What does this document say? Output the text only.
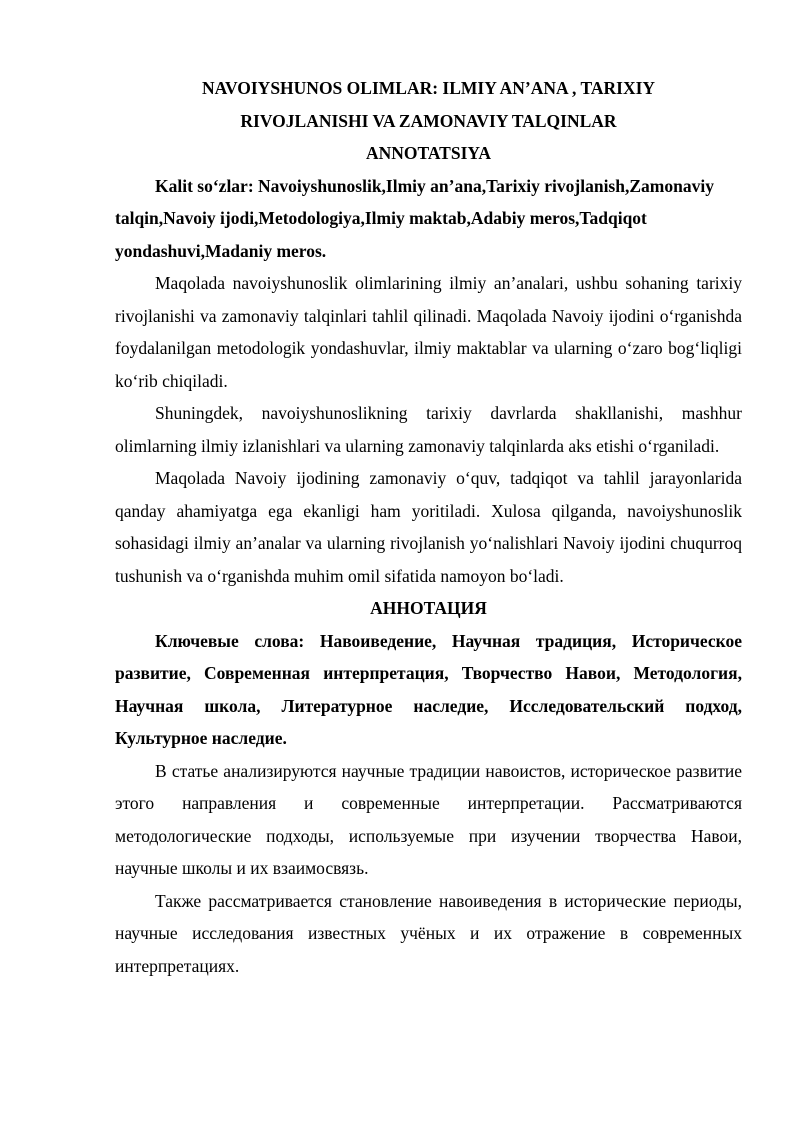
NAVOIYSHUNOS OLIMLAR: ILMIY AN’ANA , TARIXIY
RIVOJLANISHI VA ZAMONAVIY TALQINLAR
ANNOTATSIYA

Kalit so‘zlar: Navoiyshunoslik,Ilmiy an’ana,Tarixiy rivojlanish,Zamonaviy talqin,Navoiy ijodi,Metodologiya,Ilmiy maktab,Adabiy meros,Tadqiqot yondashuvi,Madaniy meros.

Maqolada navoiyshunoslik olimlarining ilmiy an’analari, ushbu sohaning tarixiy rivojlanishi va zamonaviy talqinlari tahlil qilinadi. Maqolada Navoiy ijodini o‘rganishda foydalanilgan metodologik yondashuvlar, ilmiy maktablar va ularning o‘zaro bog‘liqligi ko‘rib chiqiladi.

Shuningdek, navoiyshunoslikning tarixiy davrlarda shakllanishi, mashhur olimlarning ilmiy izlanishlari va ularning zamonaviy talqinlarda aks etishi o‘rganiladi.

Maqolada Navoiy ijodining zamonaviy o‘quv, tadqiqot va tahlil jarayonlarida qanday ahamiyatga ega ekanligi ham yoritiladi. Xulosa qilganda, navoiyshunoslik sohasidagi ilmiy an’analar va ularning rivojlanish yo‘nalishlari Navoiy ijodini chuqurroq tushunish va o‘rganishda muhim omil sifatida namoyon bo‘ladi.

АННОТАЦИЯ

Ключевые слова: Навоиведение, Научная традиция, Историческое развитие, Современная интерпретация, Творчество Навои, Методология, Научная школа, Литературное наследие, Исследовательский подход, Культурное наследие.

В статье анализируются научные традиции навоистов, историческое развитие этого направления и современные интерпретации. Рассматриваются методологические подходы, используемые при изучении творчества Навои, научные школы и их взаимосвязь.

Также рассматривается становление навоиведения в исторические периоды, научные исследования известных учёных и их отражение в современных интерпретациях.
